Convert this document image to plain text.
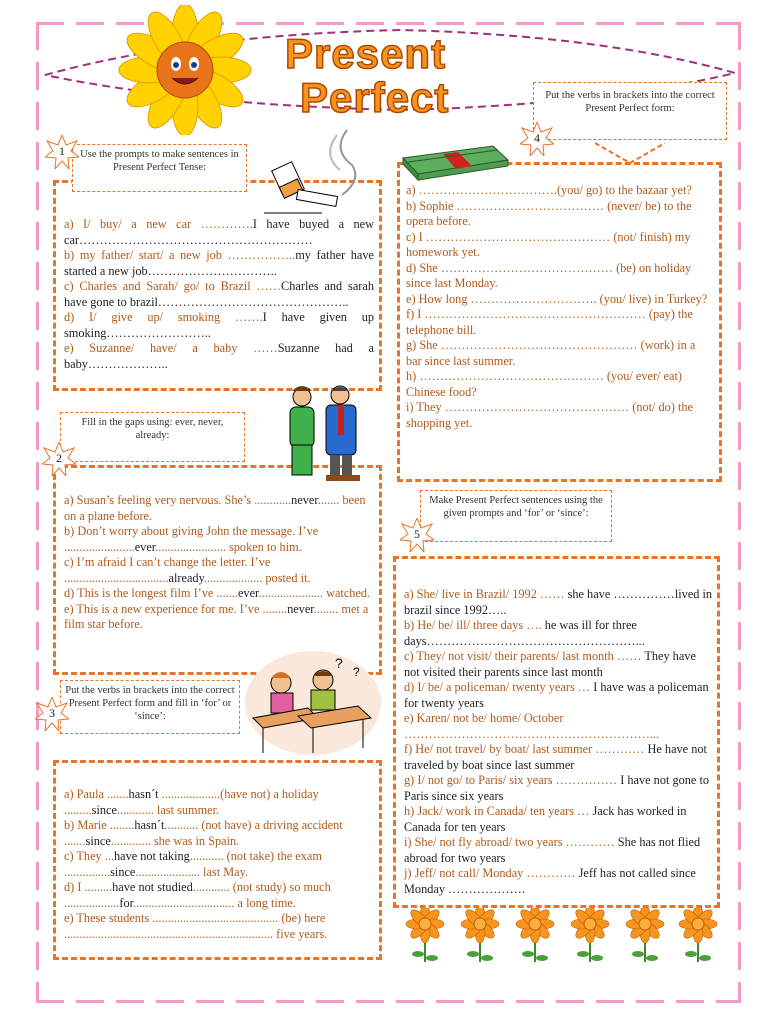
Present
Perfect

a) I/ buy/ a new car ………….I have buyed a new car…………………………………………………

b) my father/ start/ a new job ……………..my father have started a new job…………………………..

c) Charles and Sarah/ go/ to Brazil ……Charles and sarah have gone to brazil………………………………………..

d) I/ give up/ smoking …….I have given up smoking……………………..

e) Suzanne/ have/ a baby ……Suzanne had a baby………………..

Use the prompts to make sentences in Present Perfect Tense:
1

a) Susan’s feeling very nervous. She’s ............never....... been on a plane before.

b) Don’t worry about giving John the message. I’ve .......................ever....................... spoken to him.

c) I’m afraid I can’t change the letter. I’ve ..................................already................... posted it.

d) This is the longest film I’ve .......ever..................... watched.

e) This is a new experience for me. I’ve ........never........ met a film star before.

Fill in the gaps using: ever, never, already:
2

a) Paula .......hasn´t ...................(have not) a holiday .........since............ last summer.

b) Marie ........hasn´t........... (not have) a driving accident .......since............. she was in Spain.

c) They ...have not taking........... (not take) the exam ...............since..................... last May.

d) I .........have not studied............ (not study) so much ..................for................................. a long time.

e) These students ......................................... (be) here .................................................................... five years.

Put the verbs in brackets into the correct Present Perfect form and fill in ‘for’ or ‘since’:
3
?
?

a) …………………………….(you/ go) to the bazaar yet?

b) Sophie ……………………………… (never/ be) to the opera before.

c) I ……………………………………… (not/ finish) my homework yet.

d) She …………………………………… (be) on holiday since last Monday.

e) How long …………………………. (you/ live) in Turkey?

f) I ……………………………………………… (pay) the telephone bill.

g) She ………………………………………… (work) in a bar since last summer.

h) ……………………………………… (you/ ever/ eat) Chinese food?

i) They ……………………………………… (not/ do) the shopping yet.

Put the verbs in brackets into the correct Present Perfect form:
4

a) She/ live in Brazil/ 1992 …… she have ……………lived in brazil since 1992…..

b) He/ be/ ill/ three days …. he was ill for three days……………………………………………...

c) They/ not visit/ their parents/ last month …… They have not visited their parents since last month

d) I/ be/ a policeman/ twenty years … I have was a policeman for twenty years

e) Karen/ not be/ home/ October
……………………………………………………...

f) He/ not travel/ by boat/ last summer ………… He have not traveled by boat since last summer

g) I/ not go/ to Paris/ six years …………… I have not gone to Paris since six years

h) Jack/ work in Canada/ ten years … Jack has worked in Canada for ten years

i) She/ not fly abroad/ two years ………… She has not flied abroad for two years

j) Jeff/ not call/ Monday ………… Jeff has not called since Monday ……………….

Make Present Perfect sentences using the given prompts and ‘for’ or ‘since’:
5
